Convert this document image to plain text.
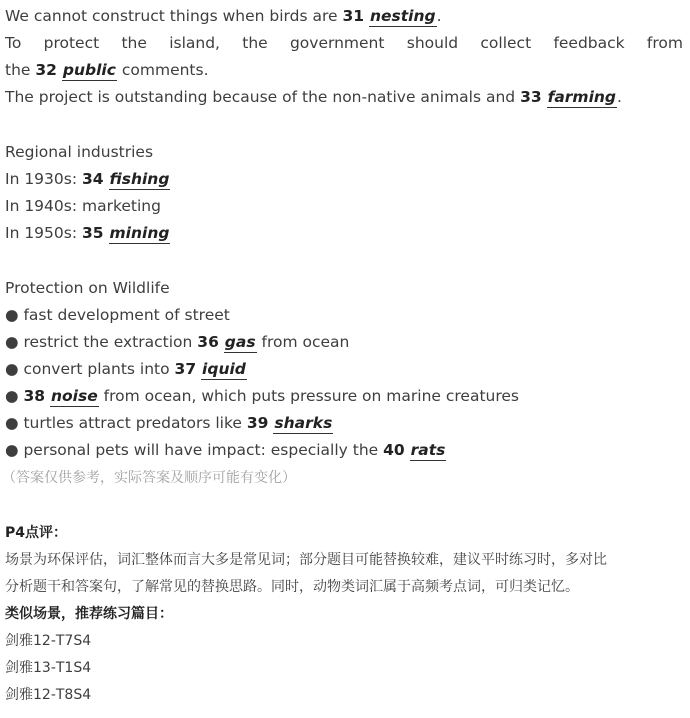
We cannot construct things when birds are 31 nesting.
To protect the island, the government should collect feedback from
the 32 public comments.
The project is outstanding because of the non-native animals and 33 farming.
Regional industries
In 1930s: 34 fishing
In 1940s: marketing
In 1950s: 35 mining
Protection on Wildlife
● fast development of street
● restrict the extraction 36 gas from ocean
● convert plants into 37 iquid
● 38 noise from ocean, which puts pressure on marine creatures
● turtles attract predators like 39 sharks
● personal pets will have impact: especially the 40 rats
（答案仅供参考，实际答案及顺序可能有变化）
P4点评：
场景为环保评估，词汇整体而言大多是常见词；部分题目可能替换较难，建议平时练习时，多对比
分析题干和答案句，了解常见的替换思路。同时，动物类词汇属于高频考点词，可归类记忆。
类似场景，推荐练习篇目：
剑雅12-T7S4
剑雅13-T1S4
剑雅12-T8S4
